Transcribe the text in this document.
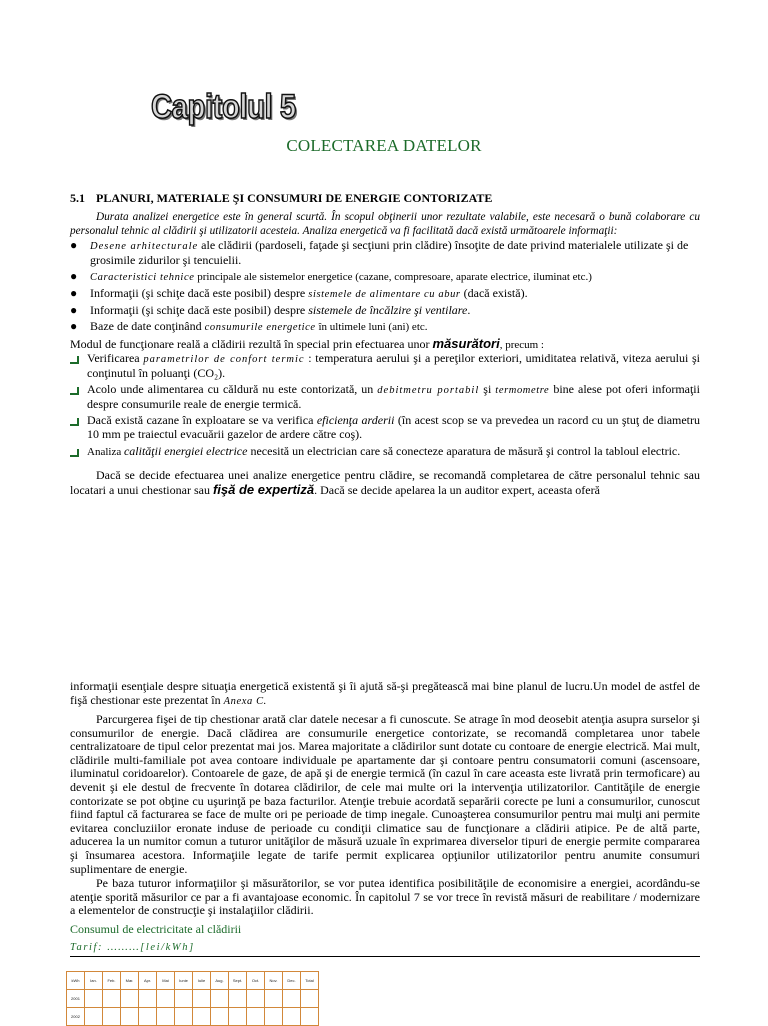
Capitolul 5
COLECTAREA DATELOR
5.1 PLANURI, MATERIALE ŞI CONSUMURI DE ENERGIE CONTORIZATE
Durata analizei energetice este în general scurtă. În scopul obţinerii unor rezultate valabile, este necesară o bună colaborare cu personalul tehnic al clădirii şi utilizatorii acesteia. Analiza energetică va fi facilitată dacă există următoarele informaţii:
● Desene arhitecturale ale clădirii (pardoseli, faţade şi secţiuni prin clădire) însoţite de date privind materialele utilizate şi de grosimile zidurilor şi tencuielii.
● Caracteristici tehnice principale ale sistemelor energetice (cazane, compresoare, aparate electrice, iluminat etc.)
● Informaţii (şi schiţe dacă este posibil) despre sistemele de alimentare cu abur (dacă există).
● Informaţii (şi schiţe dacă este posibil) despre sistemele de încălzire şi ventilare.
● Baze de date conţinând consumurile energetice în ultimele luni (ani) etc.
Modul de funcţionare reală a clădirii rezultă în special prin efectuarea unor măsurători, precum :
Verificarea parametrilor de confort termic : temperatura aerului şi a pereţilor exteriori, umiditatea relativă, viteza aerului şi conţinutul în poluanţi (CO₂).
Acolo unde alimentarea cu căldură nu este contorizată, un debitmetru portabil şi termometre bine alese pot oferi informaţii despre consumurile reale de energie termică.
Dacă există cazane în exploatare se va verifica eficienţa arderii (în acest scop se va prevedea un racord cu un ştuţ de diametru 10 mm pe traiectul evacuării gazelor de ardere către coş).
Analiza calităţii energiei electrice necesită un electrician care să conecteze aparatura de măsură şi control la tabloul electric.
Dacă se decide efectuarea unei analize energetice pentru clădire, se recomandă completarea de către personalul tehnic sau locatari a unui chestionar sau fişă de expertiză. Dacă se decide apelarea la un auditor expert, aceasta oferă
informaţii esenţiale despre situaţia energetică existentă şi îi ajută să-şi pregătească mai bine planul de lucru.Un model de astfel de fişă chestionar este prezentat în Anexa C.
Parcurgerea fişei de tip chestionar arată clar datele necesar a fi cunoscute. Se atrage în mod deosebit atenţia asupra surselor şi consumurilor de energie. Dacă clădirea are consumurile energetice contorizate, se recomandă completarea unor tabele centralizatoare de tipul celor prezentat mai jos. Marea majoritate a clădirilor sunt dotate cu contoare de energie electrică. Mai mult, clădirile multi-familiale pot avea contoare individuale pe apartamente dar şi contoare pentru consumatorii comuni (ascensoare, iluminatul coridoarelor). Contoarele de gaze, de apă şi de energie termică (în cazul în care aceasta este livrată prin termoficare) au devenit şi ele destul de frecvente în dotarea clădirilor, de cele mai multe ori la intervenţia utilizatorilor. Cantităţile de energie contorizate se pot obţine cu uşurinţă pe baza facturilor. Atenţie trebuie acordată separării corecte pe luni a consumurilor, cunoscut fiind faptul că facturarea se face de multe ori pe perioade de timp inegale. Cunoaşterea consumurilor pentru mai mulţi ani permite evitarea concluziilor eronate induse de perioade cu condiţii climatice sau de funcţionare a clădirii atipice. Pe de altă parte, aducerea la un numitor comun a tuturor unităţilor de măsură uzuale în exprimarea diverselor tipuri de energie permite compararea şi însumarea acestora. Informaţiile legate de tarife permit explicarea opţiunilor utilizatorilor pentru anumite consumuri suplimentare de energie.
Pe baza tuturor informaţiilor şi măsurătorilor, se vor putea identifica posibilităţile de economisire a energiei, acordându-se atenţie sporită măsurilor ce par a fi avantajoase economic. În capitolul 7 se vor trece în revistă măsuri de reabilitare / modernizare a elementelor de construcţie şi instalaţiilor clădirii.
Consumul de electricitate al clădirii
Tarif: ………[lei/kWh]
kWh	Ian.	Feb.	Mar.	Apr.	Mai	Iunie	Iulie	Aug.	Sept.	Oct.	Nov.	Dec.	Total
2001													
2002													
